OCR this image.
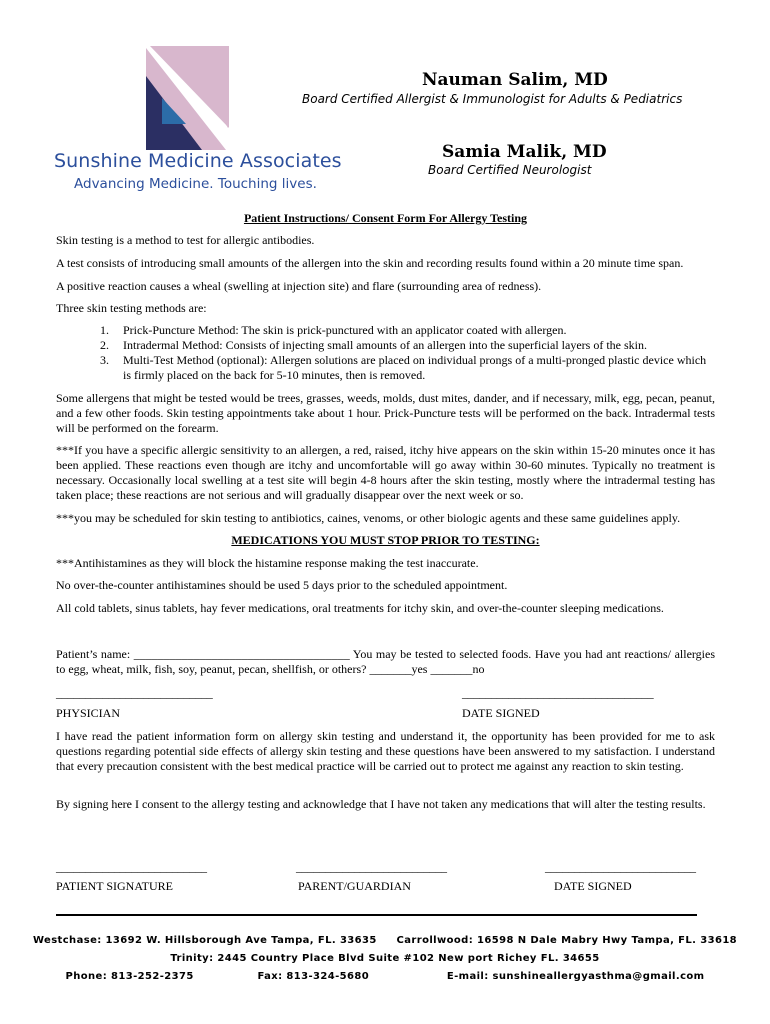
Sunshine Medicine Associates
Advancing Medicine. Touching lives.
Nauman Salim, MD
Board Certified Allergist & Immunologist for Adults & Pediatrics
Samia Malik, MD
Board Certified Neurologist
Patient Instructions/ Consent Form For Allergy Testing

Skin testing is a method to test for allergic antibodies.

A test consists of introducing small amounts of the allergen into the skin and recording results found within a 20 minute time span.

A positive reaction causes a wheal (swelling at injection site) and flare (surrounding area of redness).

Three skin testing methods are:

1. Prick-Puncture Method: The skin is prick-punctured with an applicator coated with allergen.
2. Intradermal Method: Consists of injecting small amounts of an allergen into the superficial layers of the skin.
3. Multi-Test Method (optional): Allergen solutions are placed on individual prongs of a multi-pronged plastic device which is firmly placed on the back for 5-10 minutes, then is removed.

Some allergens that might be tested would be trees, grasses, weeds, molds, dust mites, dander, and if necessary, milk, egg, pecan, peanut, and a few other foods. Skin testing appointments take about 1 hour. Prick-Puncture tests will be performed on the back. Intradermal tests will be performed on the forearm.

***If you have a specific allergic sensitivity to an allergen, a red, raised, itchy hive appears on the skin within 15-20 minutes once it has been applied. These reactions even though are itchy and uncomfortable will go away within 30-60 minutes. Typically no treatment is necessary. Occasionally local swelling at a test site will begin 4-8 hours after the skin testing, mostly where the intradermal testing has taken place; these reactions are not serious and will gradually disappear over the next week or so.

***you may be scheduled for skin testing to antibiotics, caines, venoms, or other biologic agents and these same guidelines apply.

MEDICATIONS YOU MUST STOP PRIOR TO TESTING:

***Antihistamines as they will block the histamine response making the test inaccurate.

No over-the-counter antihistamines should be used 5 days prior to the scheduled appointment.

All cold tablets, sinus tablets, hay fever medications, oral treatments for itchy skin, and over-the-counter sleeping medications.

Patient’s name: ____________________________________ You may be tested to selected foods. Have you had ant reactions/ allergies to egg, wheat, milk, fish, soy, peanut, pecan, shellfish, or others? _______yes _______no

___________________________	_________________________________
PHYSICIAN	DATE SIGNED

I have read the patient information form on allergy skin testing and understand it, the opportunity has been provided for me to ask questions regarding potential side effects of allergy skin testing and these questions have been answered to my satisfaction. I understand that every precaution consistent with the best medical practice will be carried out to protect me against any reaction to skin testing.

By signing here I consent to the allergy testing and acknowledge that I have not taken any medications that will alter the testing results.

__________________________	__________________________	__________________________
PATIENT SIGNATURE	PARENT/GUARDIAN	DATE SIGNED
Westchase: 13692 W. Hillsborough Ave Tampa, FL. 33635 Carrollwood: 16598 N Dale Mabry Hwy Tampa, FL. 33618
Trinity: 2445 Country Place Blvd Suite #102 New port Richey FL. 34655
Phone: 813-252-2375	Fax: 813-324-5680	E-mail: sunshineallergyasthma@gmail.com
